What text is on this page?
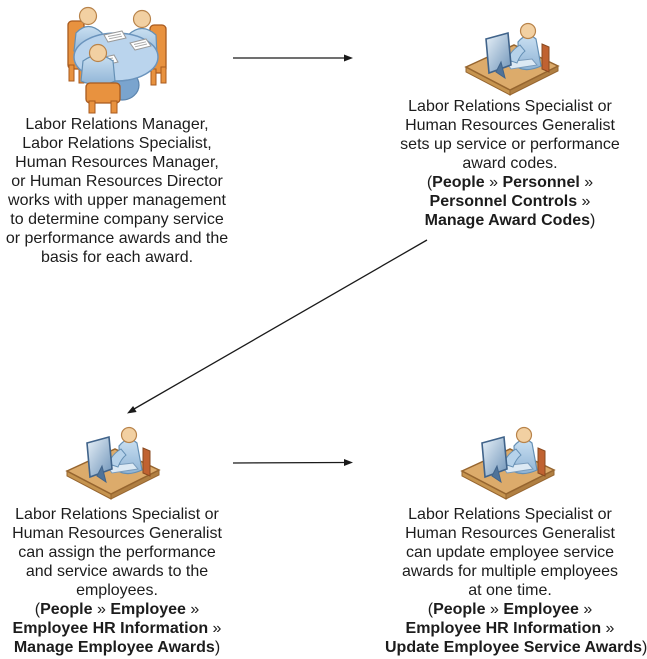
Labor Relations Manager,
Labor Relations Specialist,
Human Resources Manager,
or Human Resources Director
works with upper management
to determine company service
or performance awards and the
basis for each award.
Labor Relations Specialist or
Human Resources Generalist
sets up service or performance
award codes.
(People » Personnel »
Personnel Controls »
Manage Award Codes)
Labor Relations Specialist or
Human Resources Generalist
can assign the performance
and service awards to the
employees.
(People » Employee »
Employee HR Information »
Manage Employee Awards)
Labor Relations Specialist or
Human Resources Generalist
can update employee service
awards for multiple employees
at one time.
(People » Employee »
Employee HR Information »
Update Employee Service Awards)
